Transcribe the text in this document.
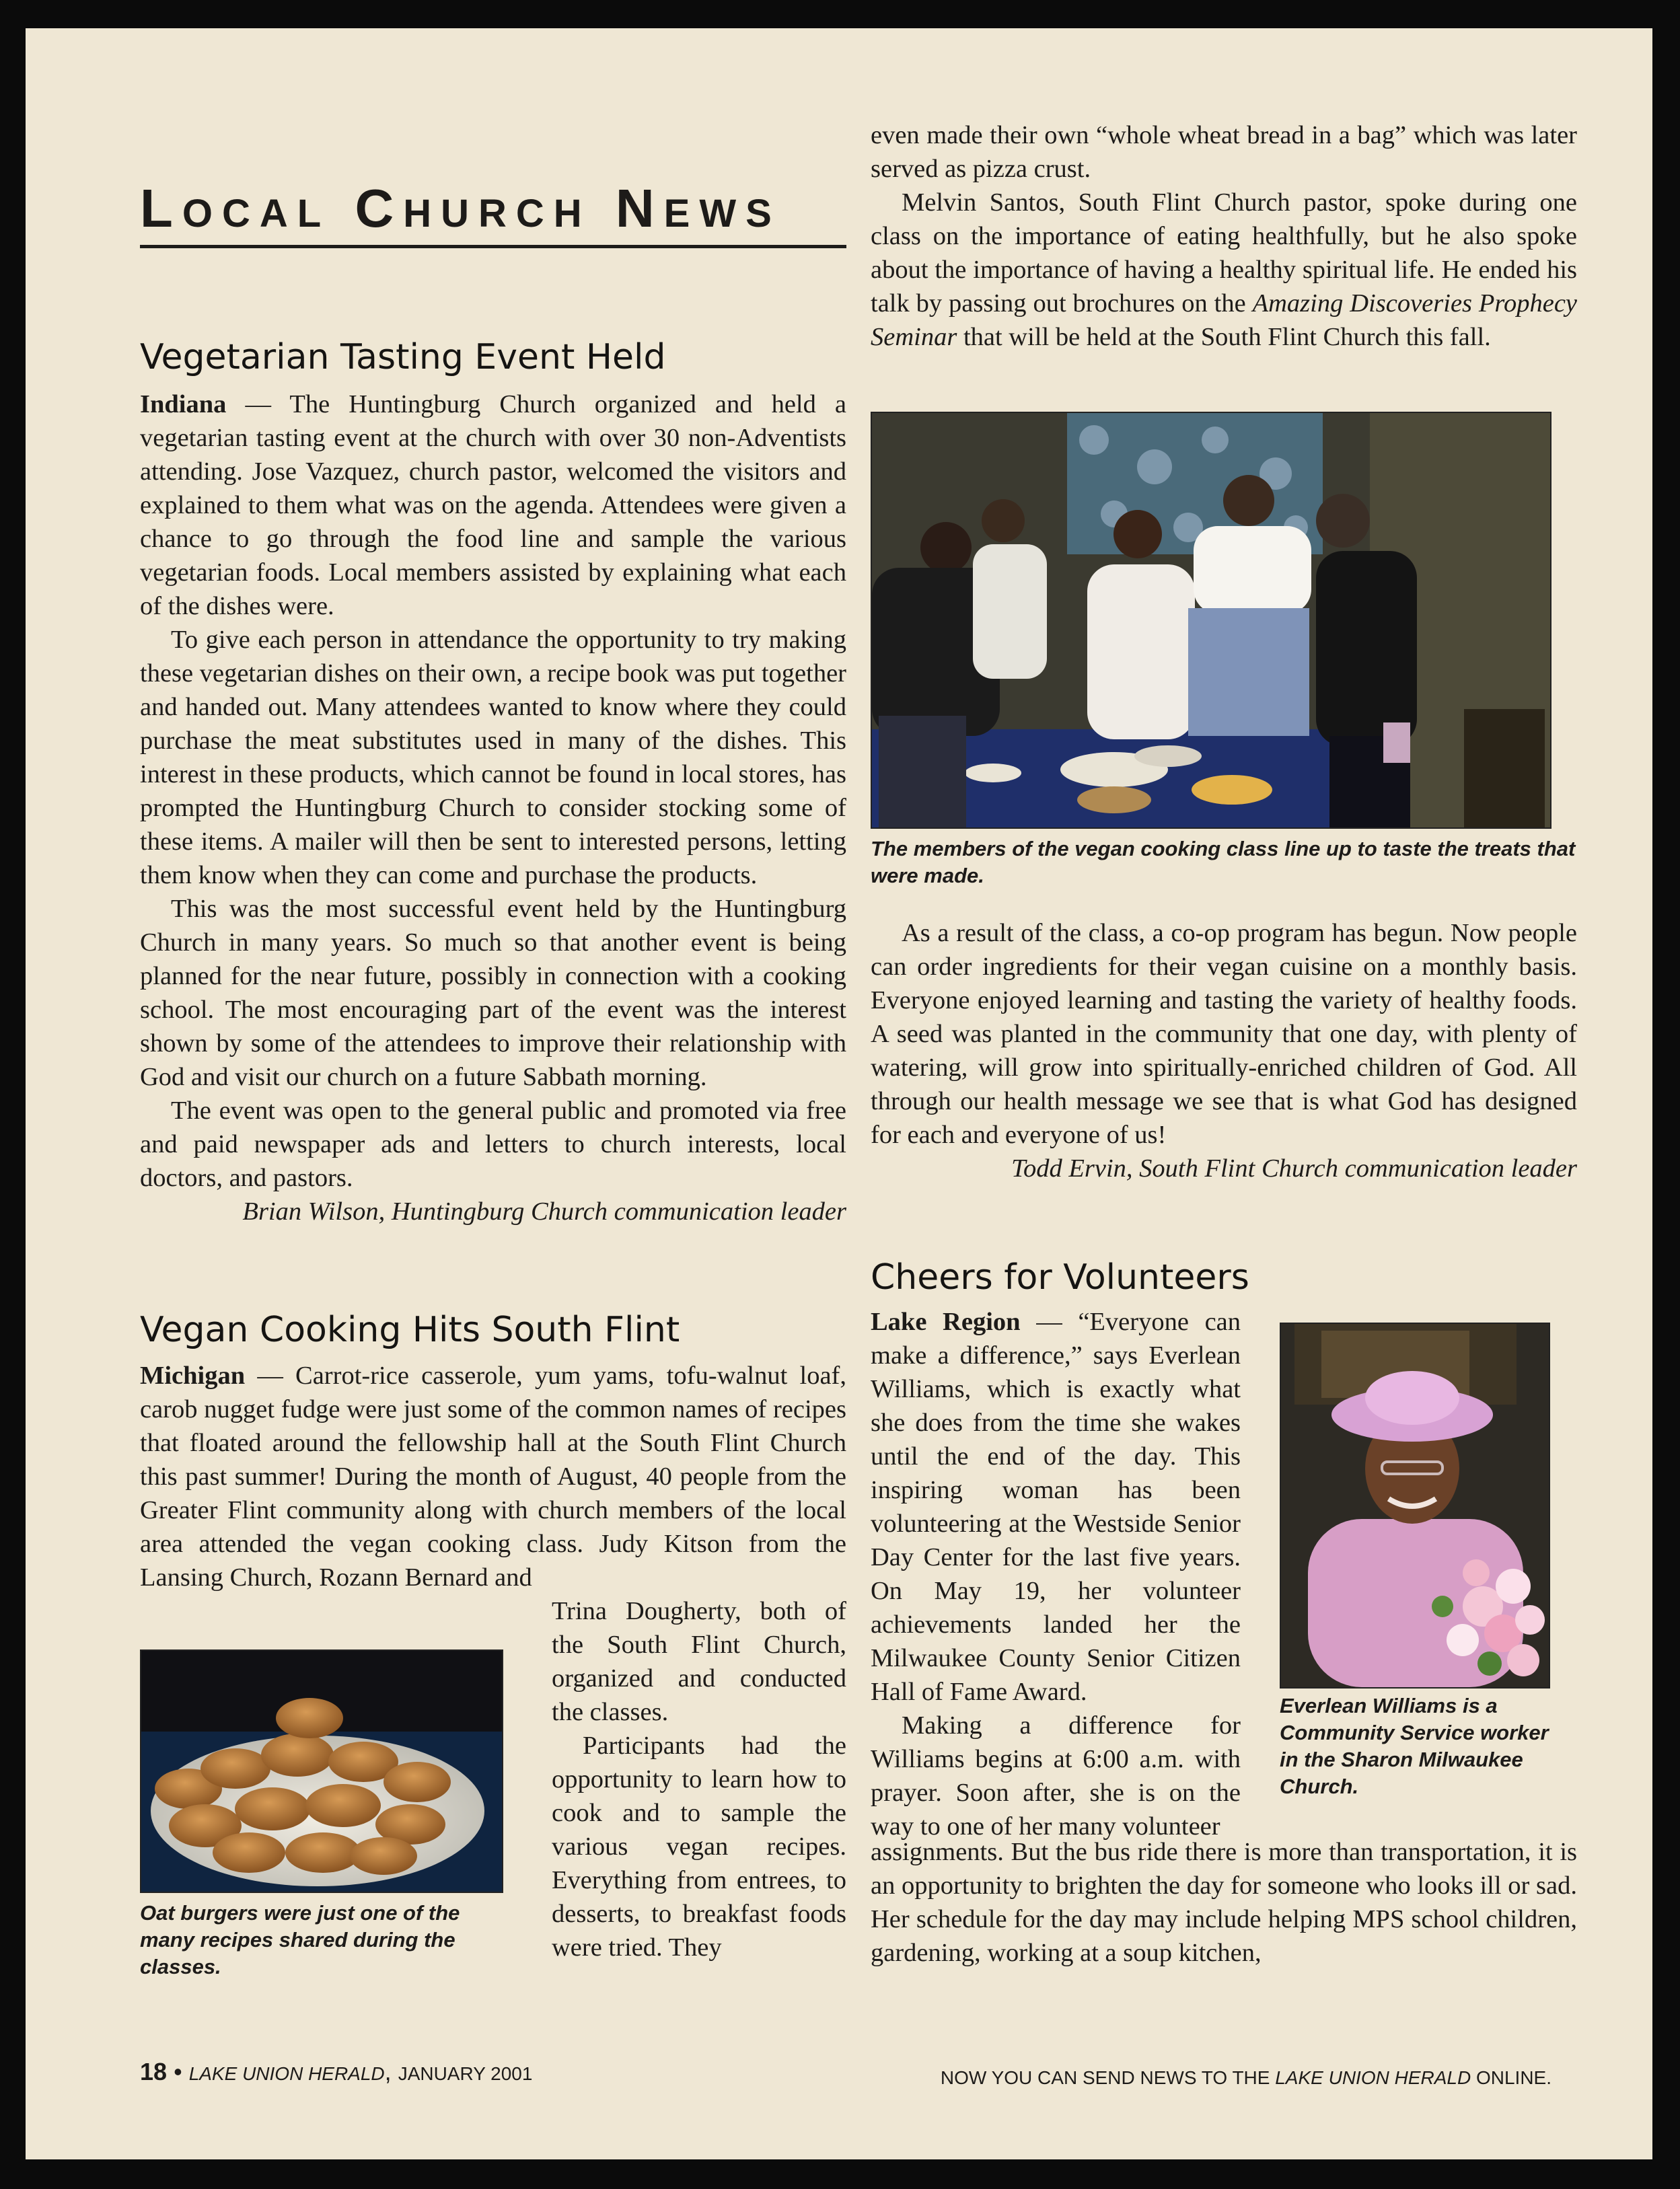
LOCAL CHURCH NEWS
Vegetarian Tasting Event Held

Indiana — The Huntingburg Church organized and held a vegetarian tasting event at the church with over 30 non-Adventists attending. Jose Vazquez, church pastor, welcomed the visitors and explained to them what was on the agenda. Attendees were given a chance to go through the food line and sample the various vegetarian foods. Local members assisted by explaining what each of the dishes were.

To give each person in attendance the opportunity to try making these vegetarian dishes on their own, a recipe book was put together and handed out. Many attendees wanted to know where they could purchase the meat substitutes used in many of the dishes. This interest in these products, which cannot be found in local stores, has prompted the Huntingburg Church to consider stocking some of these items. A mailer will then be sent to interested persons, letting them know when they can come and purchase the products.

This was the most successful event held by the Huntingburg Church in many years. So much so that another event is being planned for the near future, possibly in connection with a cooking school. The most encouraging part of the event was the interest shown by some of the attendees to improve their relationship with God and visit our church on a future Sabbath morning.

The event was open to the general public and promoted via free and paid newspaper ads and letters to church interests, local doctors, and pastors.

Brian Wilson, Huntingburg Church communication leader

Vegan Cooking Hits South Flint

Michigan — Carrot-rice casserole, yum yams, tofu-walnut loaf, carob nugget fudge were just some of the common names of recipes that floated around the fellowship hall at the South Flint Church this past summer! During the month of August, 40 people from the Greater Flint community along with church members of the local area attended the vegan cooking class. Judy Kitson from the Lansing Church, Rozann Bernard and

Trina Dougherty, both of the South Flint Church, organized and conducted the classes.

Participants had the opportunity to learn how to cook and to sample the various vegan recipes. Everything from entrees, to desserts, to breakfast foods were tried. They

Oat burgers were just one of the many recipes shared during the classes.

even made their own “whole wheat bread in a bag” which was later served as pizza crust.

Melvin Santos, South Flint Church pastor, spoke during one class on the importance of eating healthfully, but he also spoke about the importance of having a healthy spiritual life. He ended his talk by passing out brochures on the Amazing Discoveries Prophecy Seminar that will be held at the South Flint Church this fall.

The members of the vegan cooking class line up to taste the treats that were made.

As a result of the class, a co-op program has begun. Now people can order ingredients for their vegan cuisine on a monthly basis. Everyone enjoyed learning and tasting the variety of healthy foods. A seed was planted in the community that one day, with plenty of watering, will grow into spiritually-enriched children of God. All through our health message we see that is what God has designed for each and everyone of us!

Todd Ervin, South Flint Church communication leader

Cheers for Volunteers

Lake Region — “Everyone can make a difference,” says Everlean Williams, which is exactly what she does from the time she wakes until the end of the day. This inspiring woman has been volunteering at the Westside Senior Day Center for the last five years. On May 19, her volunteer achievements landed her the Milwaukee County Senior Citizen Hall of Fame Award.

Making a difference for Williams begins at 6:00 a.m. with prayer. Soon after, she is on the way to one of her many volunteer

assignments. But the bus ride there is more than transportation, it is an opportunity to brighten the day for someone who looks ill or sad. Her schedule for the day may include helping MPS school children, gardening, working at a soup kitchen,

Everlean Williams is a Community Service worker in the Sharon Milwaukee Church.
18 • LAKE UNION HERALD, JANUARY 2001	NOW YOU CAN SEND NEWS TO THE LAKE UNION HERALD ONLINE.
